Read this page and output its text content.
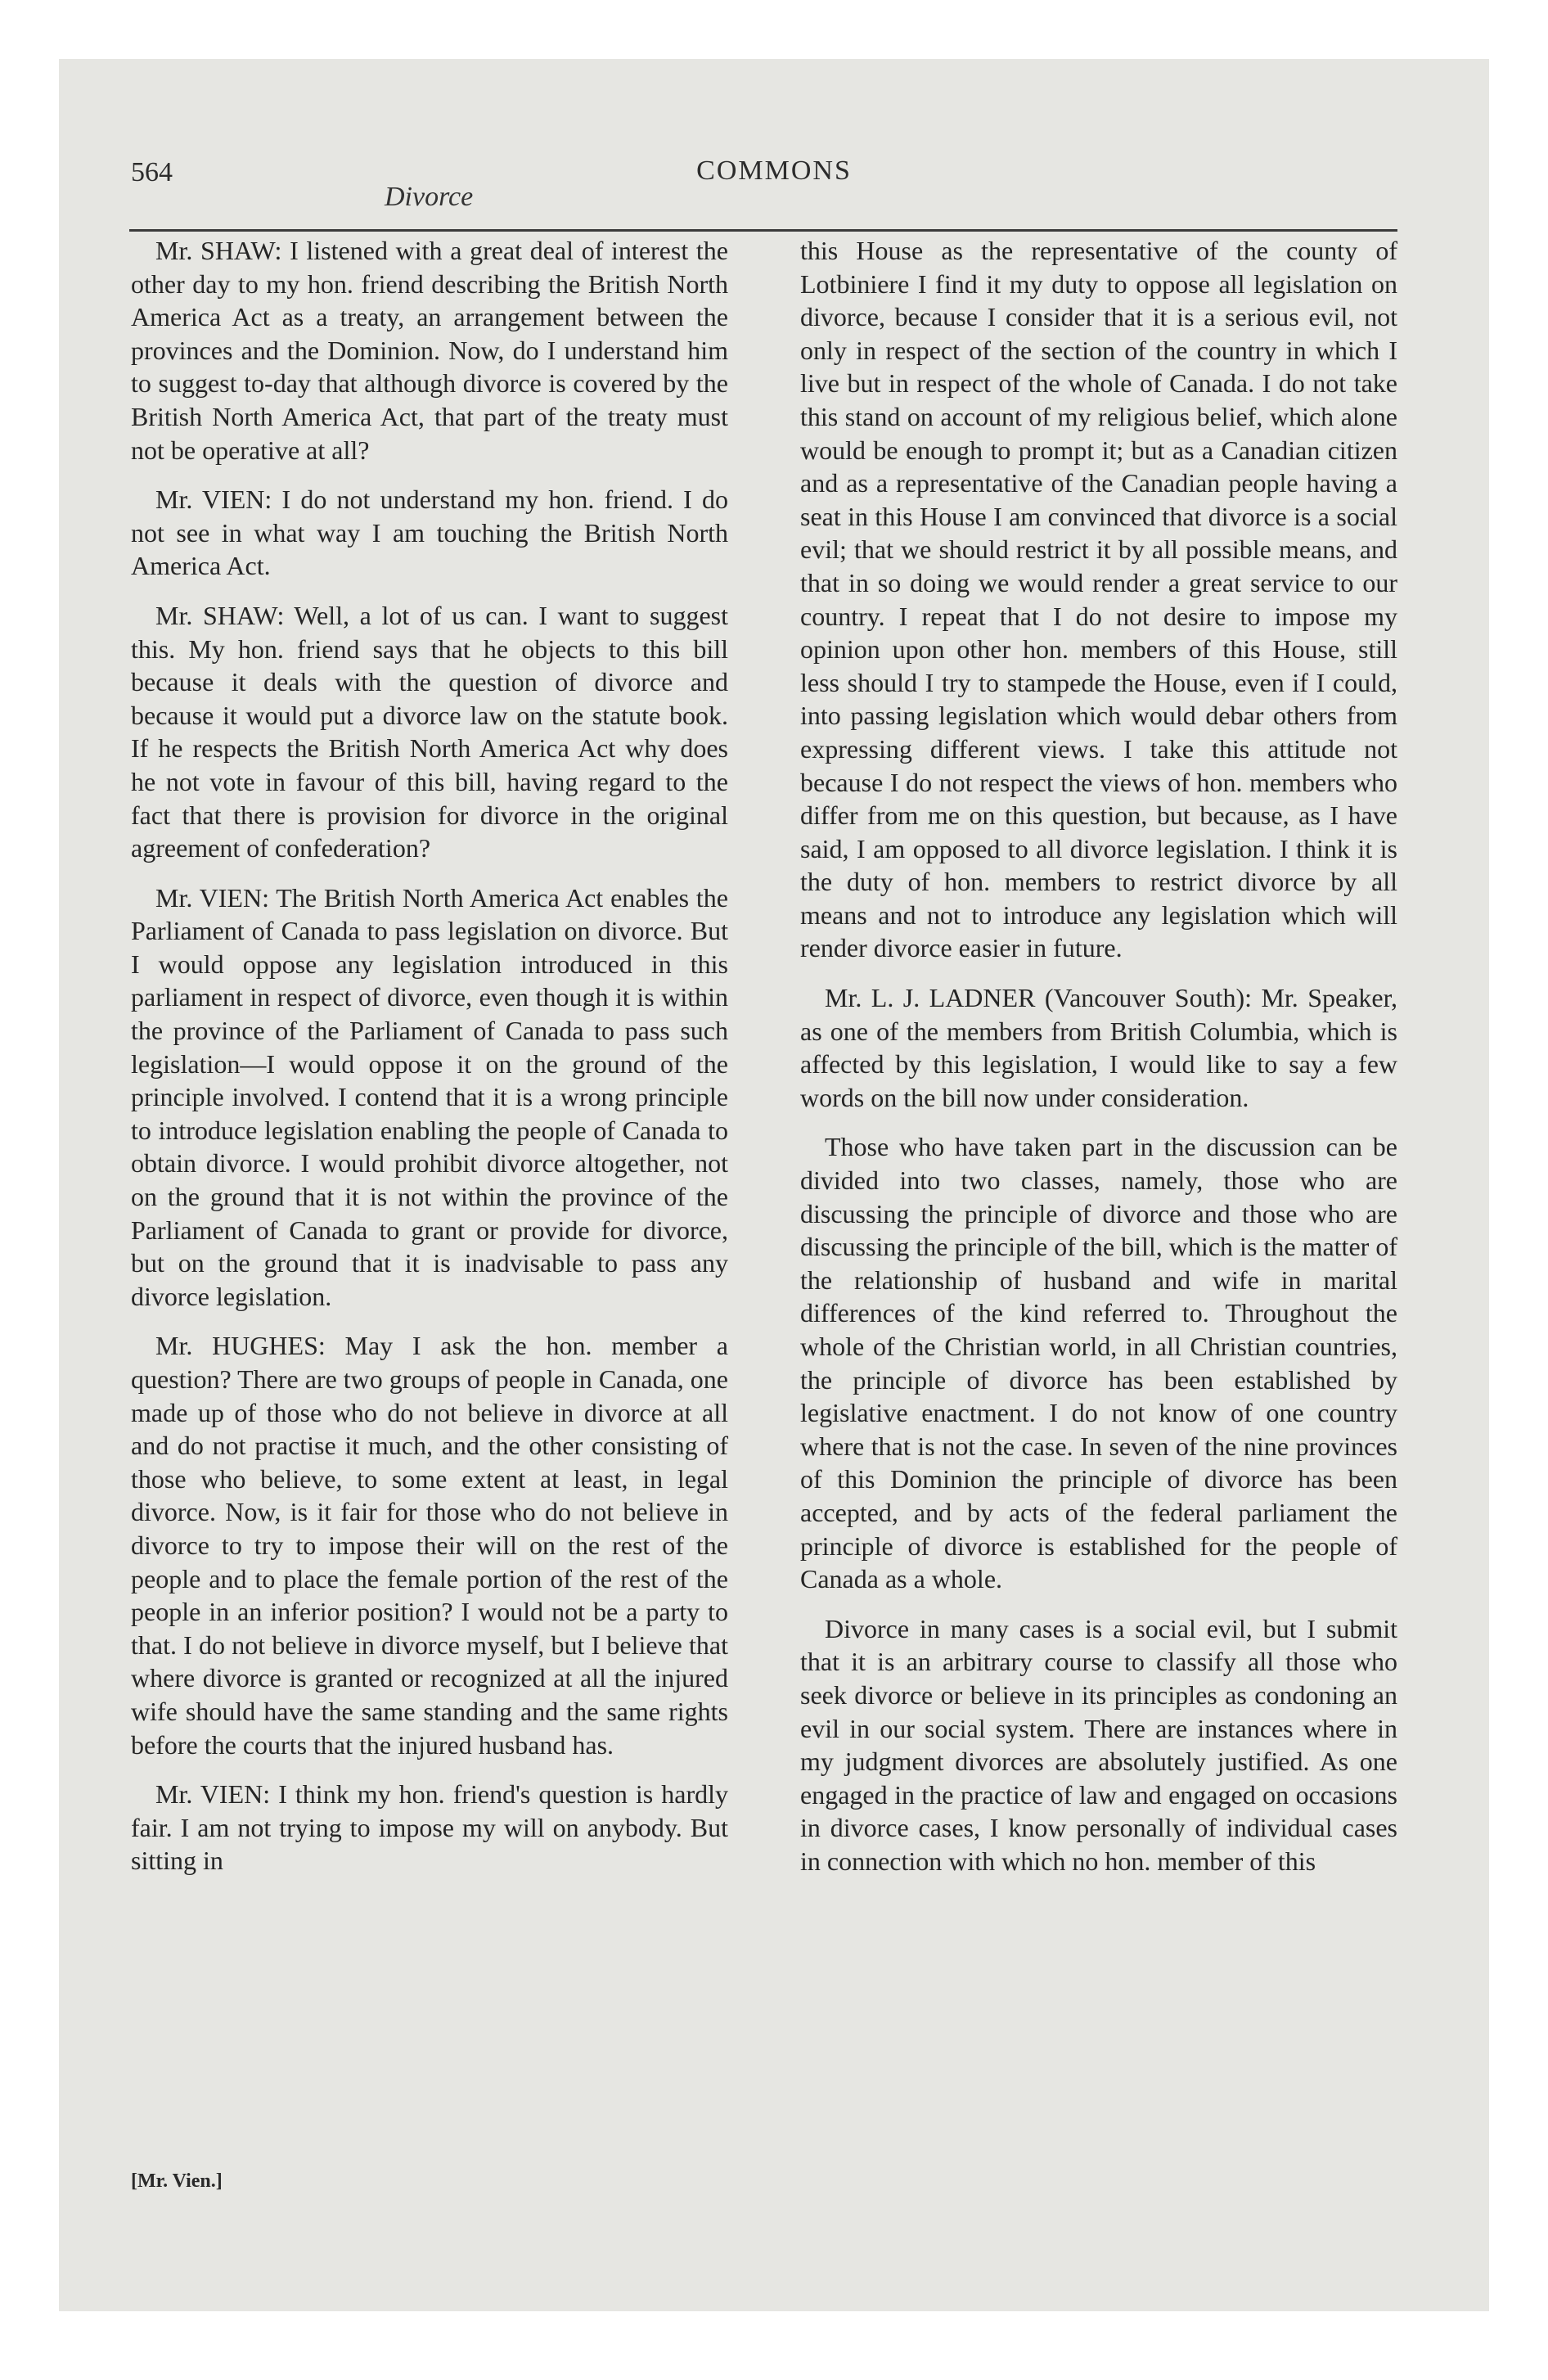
564	COMMONS
Divorce

Mr. SHAW: I listened with a great deal of interest the other day to my hon. friend describing the British North America Act as a treaty, an arrangement between the provinces and the Dominion. Now, do I understand him to suggest to-day that although divorce is covered by the British North America Act, that part of the treaty must not be operative at all?

Mr. VIEN: I do not understand my hon. friend. I do not see in what way I am touching the British North America Act.

Mr. SHAW: Well, a lot of us can. I want to suggest this. My hon. friend says that he objects to this bill because it deals with the question of divorce and because it would put a divorce law on the statute book. If he respects the British North America Act why does he not vote in favour of this bill, having regard to the fact that there is provision for divorce in the original agreement of confederation?

Mr. VIEN: The British North America Act enables the Parliament of Canada to pass legislation on divorce. But I would oppose any legislation introduced in this parliament in respect of divorce, even though it is within the province of the Parliament of Canada to pass such legislation—I would oppose it on the ground of the principle involved. I contend that it is a wrong principle to introduce legislation enabling the people of Canada to obtain divorce. I would prohibit divorce altogether, not on the ground that it is not within the province of the Parliament of Canada to grant or provide for divorce, but on the ground that it is inadvisable to pass any divorce legislation.

Mr. HUGHES: May I ask the hon. member a question? There are two groups of people in Canada, one made up of those who do not believe in divorce at all and do not practise it much, and the other consisting of those who believe, to some extent at least, in legal divorce. Now, is it fair for those who do not believe in divorce to try to impose their will on the rest of the people and to place the female portion of the rest of the people in an inferior position? I would not be a party to that. I do not believe in divorce myself, but I believe that where divorce is granted or recognized at all the injured wife should have the same standing and the same rights before the courts that the injured husband has.

Mr. VIEN: I think my hon. friend's question is hardly fair. I am not trying to impose my will on anybody. But sitting in

this House as the representative of the county of Lotbiniere I find it my duty to oppose all legislation on divorce, because I consider that it is a serious evil, not only in respect of the section of the country in which I live but in respect of the whole of Canada. I do not take this stand on account of my religious belief, which alone would be enough to prompt it; but as a Canadian citizen and as a representative of the Canadian people having a seat in this House I am convinced that divorce is a social evil; that we should restrict it by all possible means, and that in so doing we would render a great service to our country. I repeat that I do not desire to impose my opinion upon other hon. members of this House, still less should I try to stampede the House, even if I could, into passing legislation which would debar others from expressing different views. I take this attitude not because I do not respect the views of hon. members who differ from me on this question, but because, as I have said, I am opposed to all divorce legislation. I think it is the duty of hon. members to restrict divorce by all means and not to introduce any legislation which will render divorce easier in future.

Mr. L. J. LADNER (Vancouver South): Mr. Speaker, as one of the members from British Columbia, which is affected by this legislation, I would like to say a few words on the bill now under consideration.

Those who have taken part in the discussion can be divided into two classes, namely, those who are discussing the principle of divorce and those who are discussing the principle of the bill, which is the matter of the relationship of husband and wife in marital differences of the kind referred to. Throughout the whole of the Christian world, in all Christian countries, the principle of divorce has been established by legislative enactment. I do not know of one country where that is not the case. In seven of the nine provinces of this Dominion the principle of divorce has been accepted, and by acts of the federal parliament the principle of divorce is established for the people of Canada as a whole.

Divorce in many cases is a social evil, but I submit that it is an arbitrary course to classify all those who seek divorce or believe in its principles as condoning an evil in our social system. There are instances where in my judgment divorces are absolutely justified. As one engaged in the practice of law and engaged on occasions in divorce cases, I know personally of individual cases in connection with which no hon. member of this

[Mr. Vien.]
